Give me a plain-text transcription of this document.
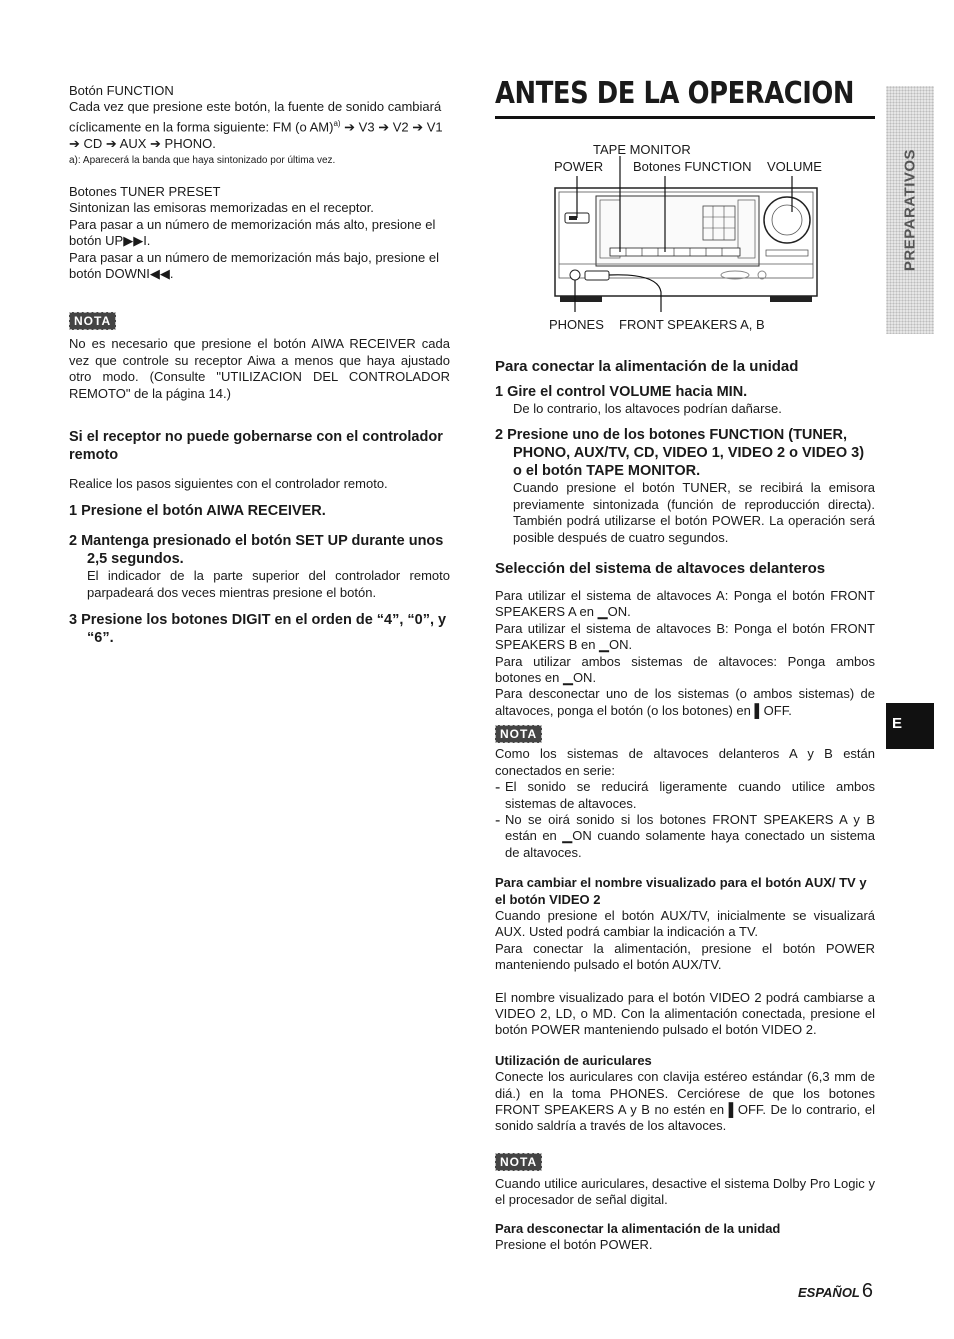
Botón FUNCTION

Cada vez que presione este botón, la fuente de sonido cambiará cíclicamente en la forma siguiente: FM (o AM)$^{a)}$ ➔ V3 ➔ V2 ➔ V1 ➔ CD ➔ AUX ➔ PHONO.

a): Aparecerá la banda que haya sintonizado por última vez.

Botones TUNER PRESET

Sintonizan las emisoras memorizadas en el receptor.

Para pasar a un número de memorización más alto, presione el botón UP▶▶I.

Para pasar a un número de memorización más bajo, presione el botón DOWNI◀◀.

NOTA

No es necesario que presione el botón AIWA RECEIVER cada vez que controle su receptor Aiwa a menos que haya ajustado otro modo. (Consulte "UTILIZACION DEL CONTROLADOR REMOTO" de la página 14.)

Si el receptor no puede gobernarse con el controlador remoto

Realice los pasos siguientes con el controlador remoto.

1 Presione el botón AIWA RECEIVER.

2 Mantenga presionado el botón SET UP durante unos 2,5 segundos.

El indicador de la parte superior del controlador remoto parpadeará dos veces mientras presione el botón.

3 Presione los botones DIGIT en el orden de “4”, “0”, y “6”.

ANTES DE LA OPERACION
TAPE MONITOR
POWER Botones FUNCTION VOLUME
PHONES FRONT SPEAKERS A, B

Para conectar la alimentación de la unidad

1 Gire el control VOLUME hacia MIN.

De lo contrario, los altavoces podrían dañarse.

2 Presione uno de los botones FUNCTION (TUNER, PHONO, AUX/TV, CD, VIDEO 1, VIDEO 2 o VIDEO 3) o el botón TAPE MONITOR.

Cuando presione el botón TUNER, se recibirá la emisora previamente sintonizada (función de reproducción directa). También podrá utilizarse el botón POWER. La operación será posible después de cuatro segundos.

Selección del sistema de altavoces delanteros

Para utilizar el sistema de altavoces A: Ponga el botón FRONT SPEAKERS A en ▁ON.

Para utilizar el sistema de altavoces B: Ponga el botón FRONT SPEAKERS B en ▁ON.

Para utilizar ambos sistemas de altavoces: Ponga ambos botones en ▁ON.

Para desconectar uno de los sistemas (o ambos sistemas) de altavoces, ponga el botón (o los botones) en ▌OFF.

NOTA

Como los sistemas de altavoces delanteros A y B están conectados en serie:

- El sonido se reducirá ligeramente cuando utilice ambos sistemas de altavoces.

- No se oirá sonido si los botones FRONT SPEAKERS A y B están en ▁ON cuando solamente haya conectado un sistema de altavoces.

Para cambiar el nombre visualizado para el botón AUX/ TV y el botón VIDEO 2

Cuando presione el botón AUX/TV, inicialmente se visualizará AUX. Usted podrá cambiar la indicación a TV.

Para conectar la alimentación, presione el botón POWER manteniendo pulsado el botón AUX/TV.

El nombre visualizado para el botón VIDEO 2 podrá cambiarse a VIDEO 2, LD, o MD. Con la alimentación conectada, presione el botón POWER manteniendo pulsado el botón VIDEO 2.

Utilización de auriculares

Conecte los auriculares con clavija estéreo estándar (6,3 mm de diá.) en la toma PHONES. Cerciórese de que los botones FRONT SPEAKERS A y B no estén en ▌OFF. De lo contrario, el sonido saldría a través de los altavoces.

NOTA

Cuando utilice auriculares, desactive el sistema Dolby Pro Logic y el procesador de señal digital.

Para desconectar la alimentación de la unidad

Presione el botón POWER.

PREPARATIVOS
E
ESPAÑOL 6
